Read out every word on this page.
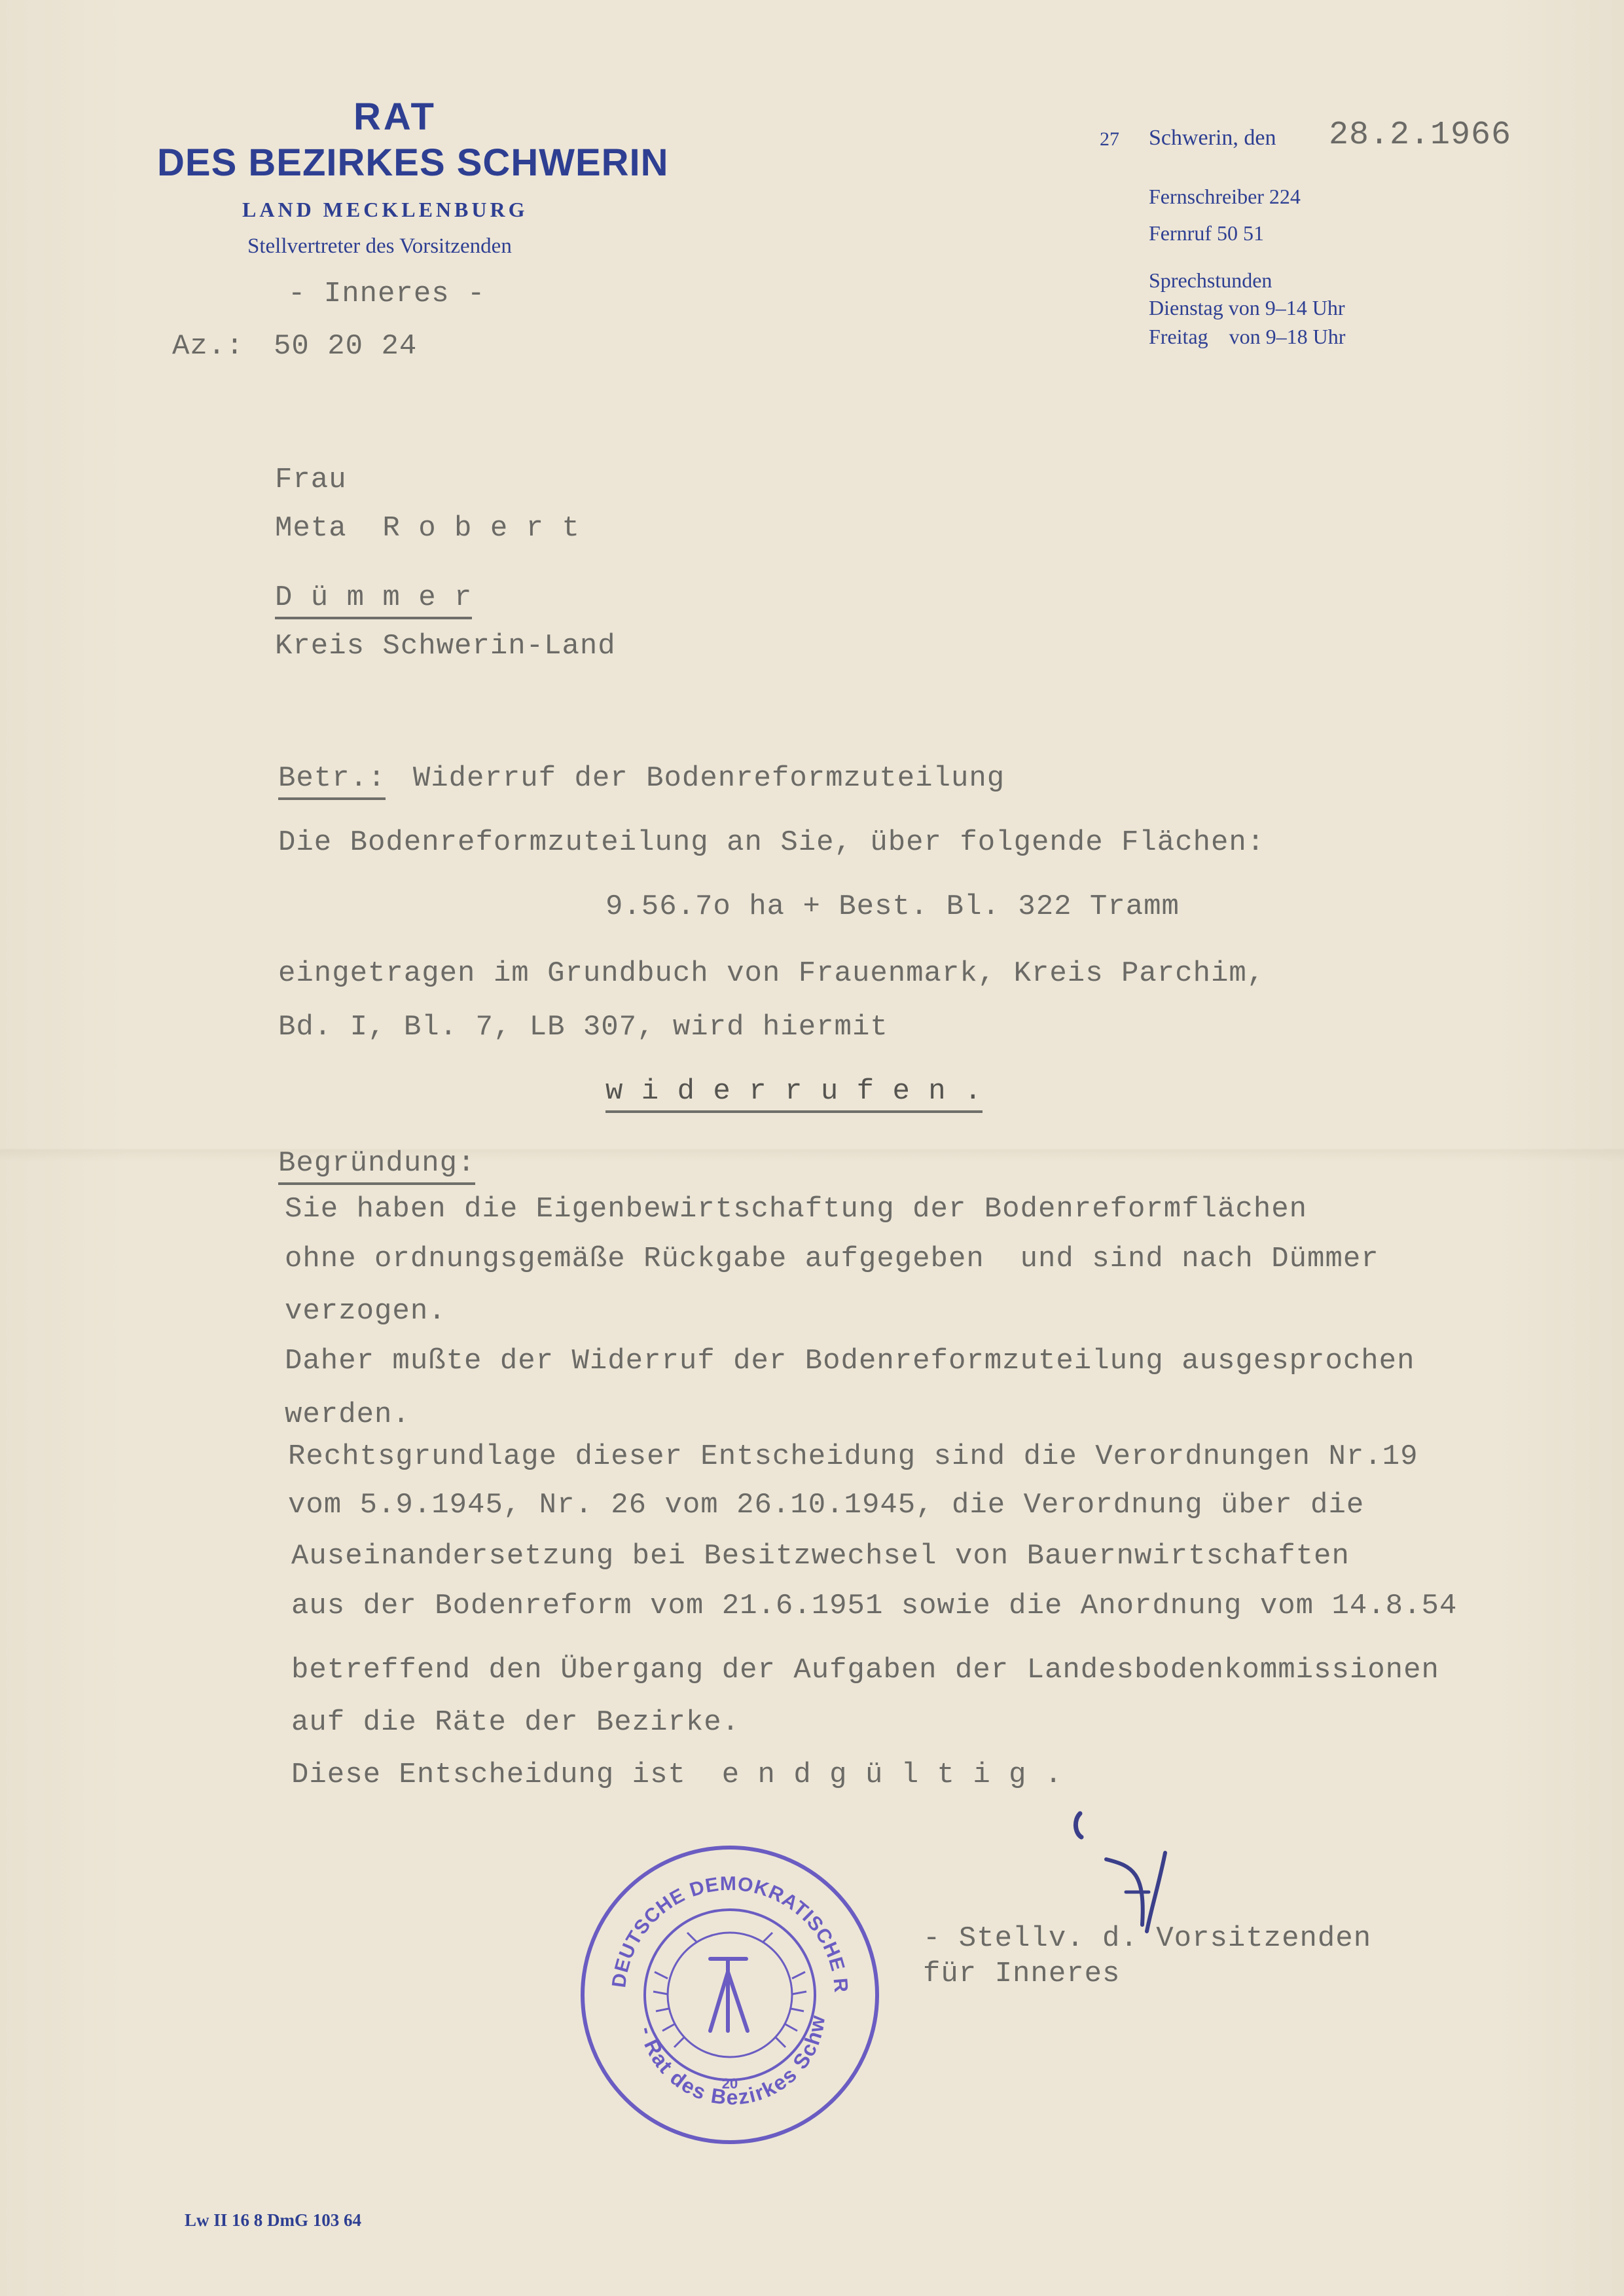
RAT
DES BEZIRKES SCHWERIN
LAND MECKLENBURG
Stellvertreter des Vorsitzenden
- Inneres -
Az.: 50 20 24
27 Schwerin, den 28.2.1966
Fernschreiber 224
Fernruf 50 51
Sprechstunden
Dienstag von 9–14 Uhr
Freitag    von 9–18 Uhr
Frau
Meta  R o b e r t
D ü m m e r
Kreis Schwerin-Land
Betr.: Widerruf der Bodenreformzuteilung
Die Bodenreformzuteilung an Sie, über folgende Flächen:
9.56.7o ha + Best. Bl. 322 Tramm
eingetragen im Grundbuch von Frauenmark, Kreis Parchim,
Bd. I, Bl. 7, LB 307, wird hiermit
w i d e r r u f e n .
Begründung:
Sie haben die Eigenbewirtschaftung der Bodenreformflächen
ohne ordnungsgemäße Rückgabe aufgegeben  und sind nach Dümmer
verzogen.
Daher mußte der Widerruf der Bodenreformzuteilung ausgesprochen
werden.
Rechtsgrundlage dieser Entscheidung sind die Verordnungen Nr.19
vom 5.9.1945, Nr. 26 vom 26.10.1945, die Verordnung über die
Auseinandersetzung bei Besitzwechsel von Bauernwirtschaften
aus der Bodenreform vom 21.6.1951 sowie die Anordnung vom 14.8.54
betreffend den Übergang der Aufgaben der Landesbodenkommissionen
auf die Räte der Bezirke.
Diese Entscheidung ist  e n d g ü l t i g .
- Stellv. d. Vorsitzenden
für Inneres
DEUTSCHE DEMOKRATISCHE R
- Rat des Bezirkes Schw
20
Lw II 16 8 DmG 103 64
